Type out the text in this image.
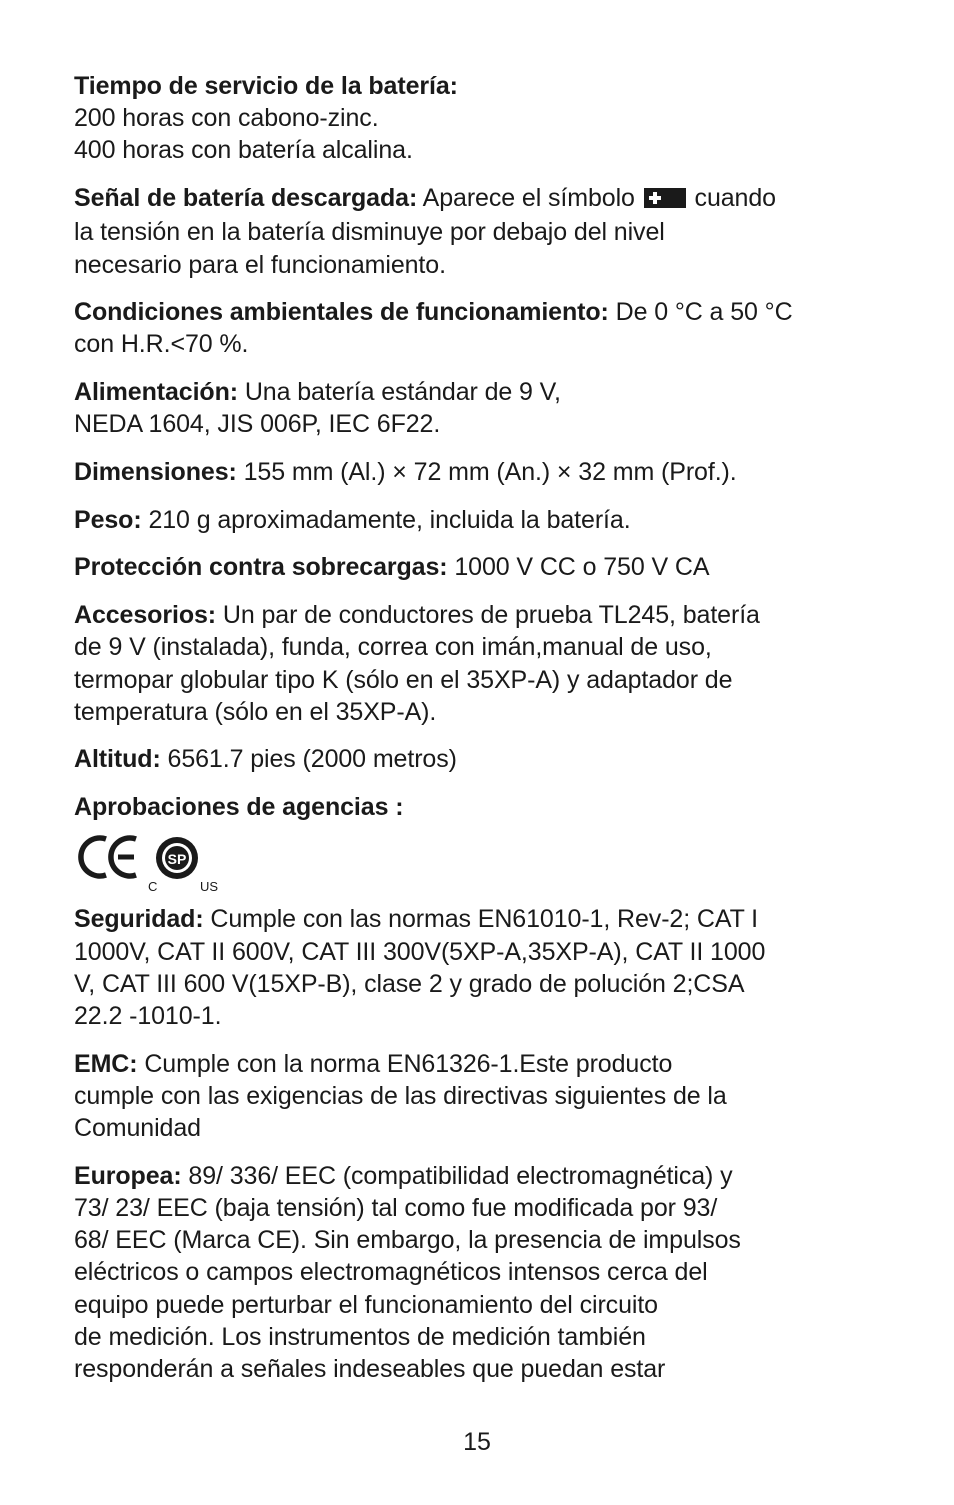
Tiempo de servicio de la batería:
200 horas con cabono-zinc.
400 horas con batería alcalina.

Señal de batería descargada: Aparece el símbolo  cuando
la tensión en la batería disminuye por debajo del nivel
necesario para el funcionamiento.

Condiciones ambientales de funcionamiento: De 0 °C a 50 °C
con H.R.<70 %.

Alimentación: Una batería estándar de 9 V,
NEDA 1604, JIS 006P, IEC 6F22.

Dimensiones: 155 mm (Al.) × 72 mm (An.) × 32 mm (Prof.).

Peso: 210 g aproximadamente, incluida la batería.

Protección contra sobrecargas: 1000 V CC o 750 V CA

Accesorios: Un par de conductores de prueba TL245, batería
de 9 V (instalada), funda, correa con imán,manual de uso,
termopar globular tipo K (sólo en el 35XP-A) y adaptador de
temperatura (sólo en el 35XP-A).

Altitud: 6561.7 pies (2000 metros)

Aprobaciones de agencias :

SP
C	US

Seguridad: Cumple con las normas EN61010-1, Rev-2; CAT I
1000V, CAT II 600V, CAT III 300V(5XP-A,35XP-A), CAT II 1000
V, CAT III 600 V(15XP-B), clase 2 y grado de polución 2;CSA
22.2 -1010-1.

EMC: Cumple con la norma EN61326-1.Este producto
cumple con las exigencias de las directivas siguientes de la
Comunidad

Europea: 89/ 336/ EEC (compatibilidad electromagnética) y
73/ 23/ EEC (baja tensión) tal como fue modificada por 93/
68/ EEC (Marca CE). Sin embargo, la presencia de impulsos
eléctricos o campos electromagnéticos intensos cerca del
equipo puede perturbar el funcionamiento del circuito
de medición. Los instrumentos de medición también
responderán a señales indeseables que puedan estar

15
